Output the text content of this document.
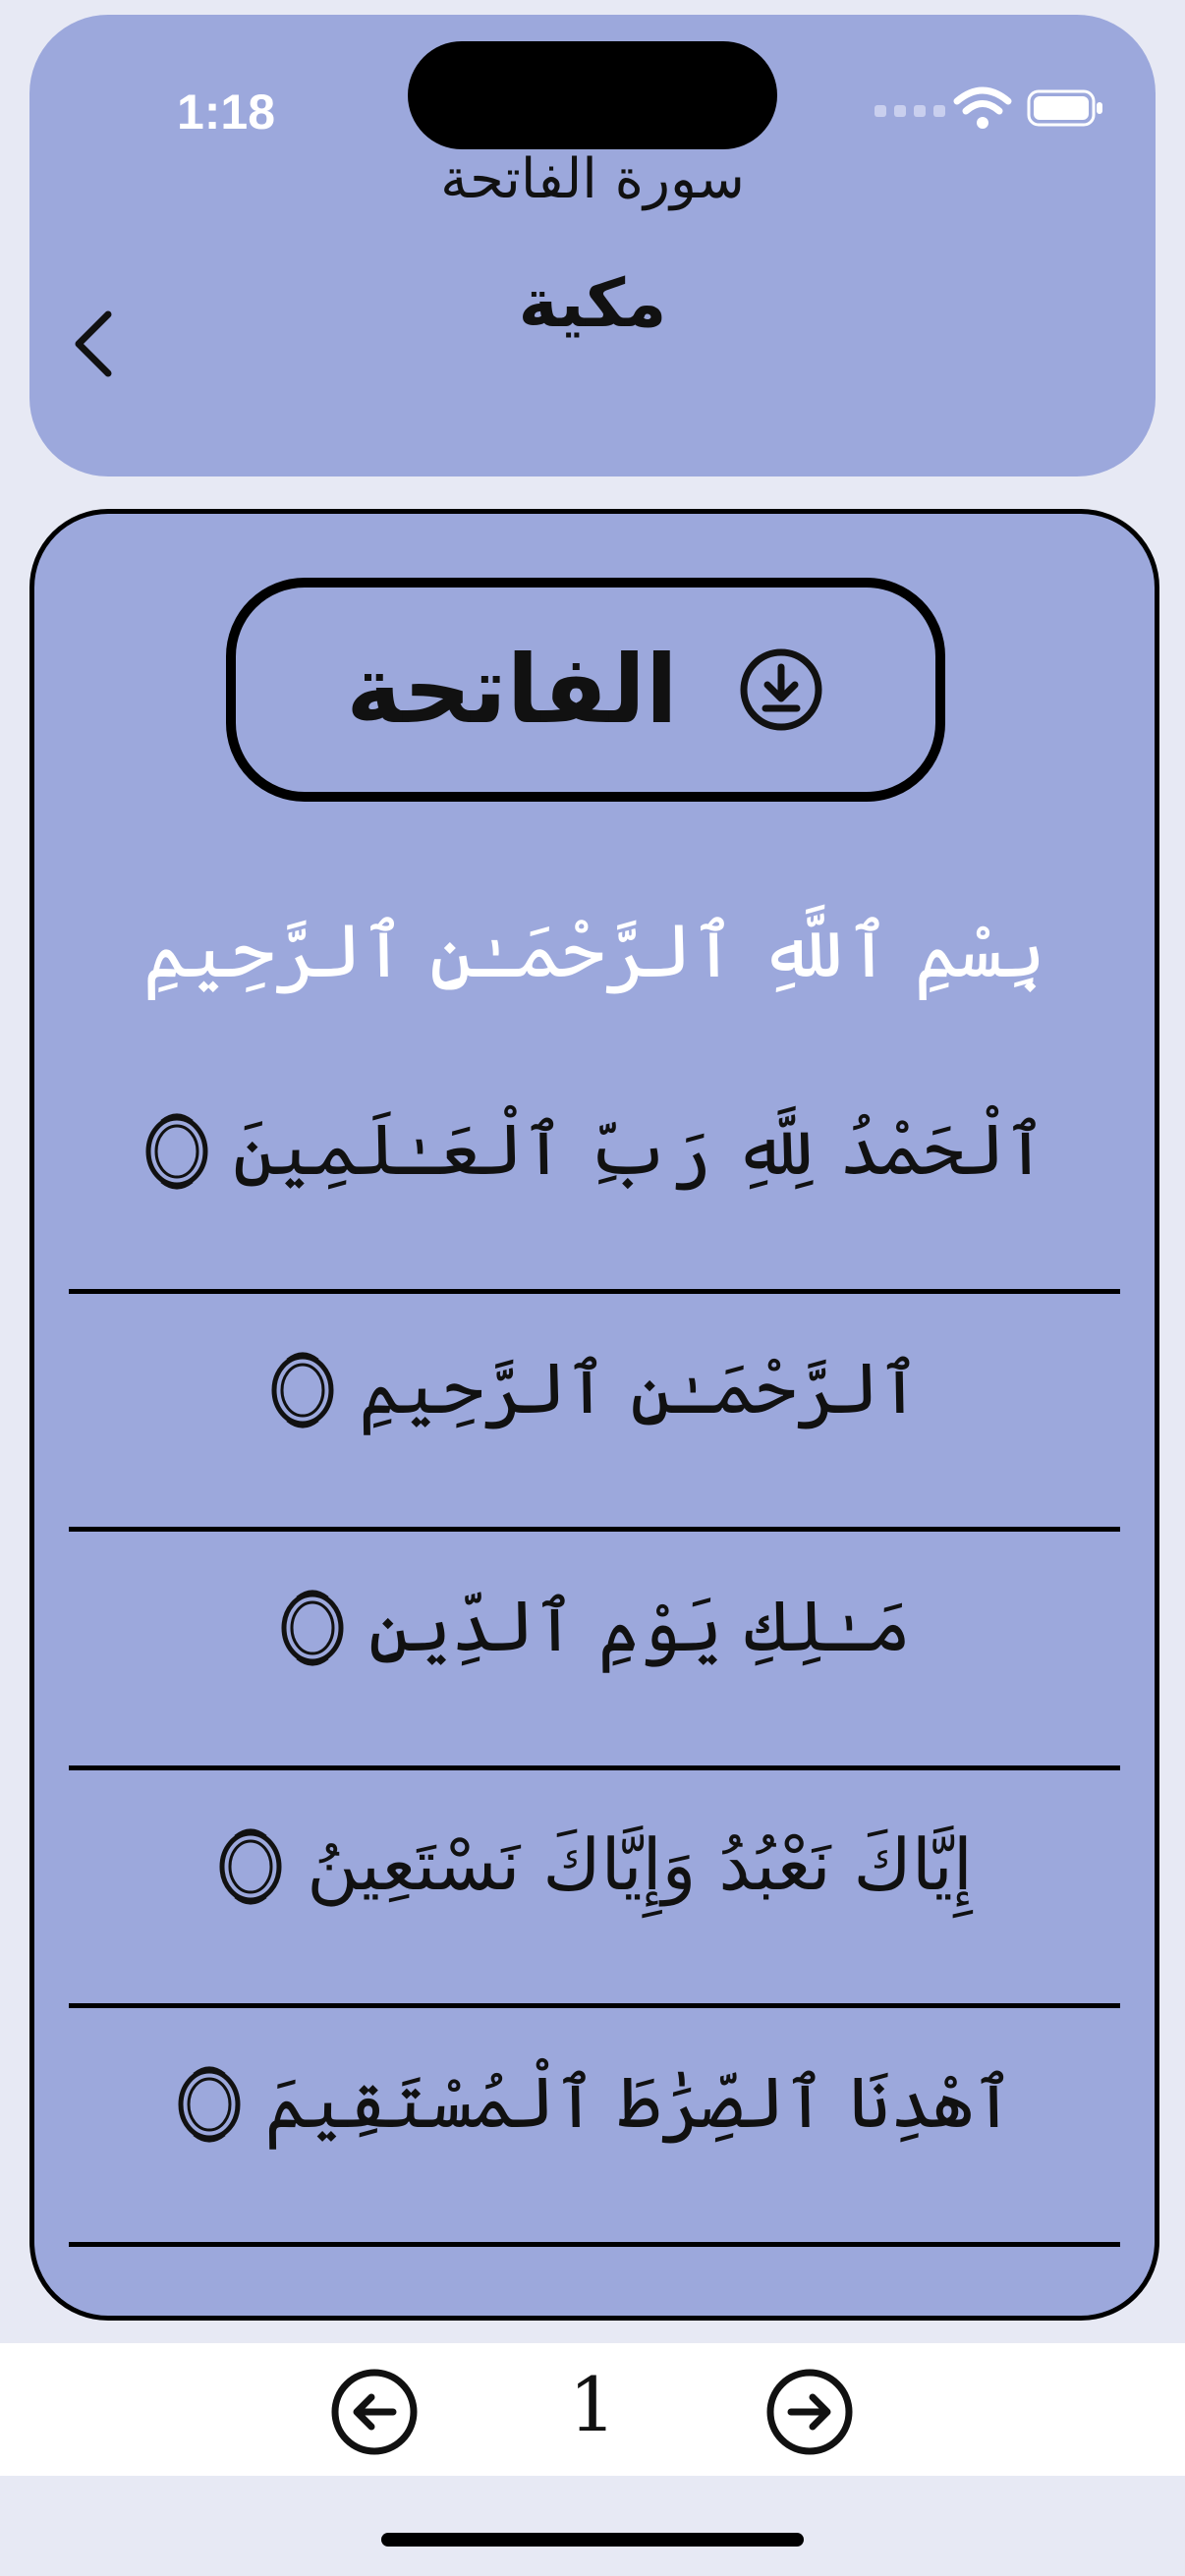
1:18
سورة الفاتحة
مكية
الفاتحة
بِسْمِ ٱللَّهِ ٱلرَّحْمَـٰنِ ٱلرَّحِيمِ
ٱلْحَمْدُ لِلَّهِ رَبِّ ٱلْعَـٰلَمِينَ
ٱلرَّحْمَـٰنِ ٱلرَّحِيمِ
مَـٰلِكِ يَوْمِ ٱلدِّينِ
إِيَّاكَ نَعْبُدُ وَإِيَّاكَ نَسْتَعِينُ
ٱهْدِنَا ٱلصِّرَٰطَ ٱلْمُسْتَقِيمَ
1
